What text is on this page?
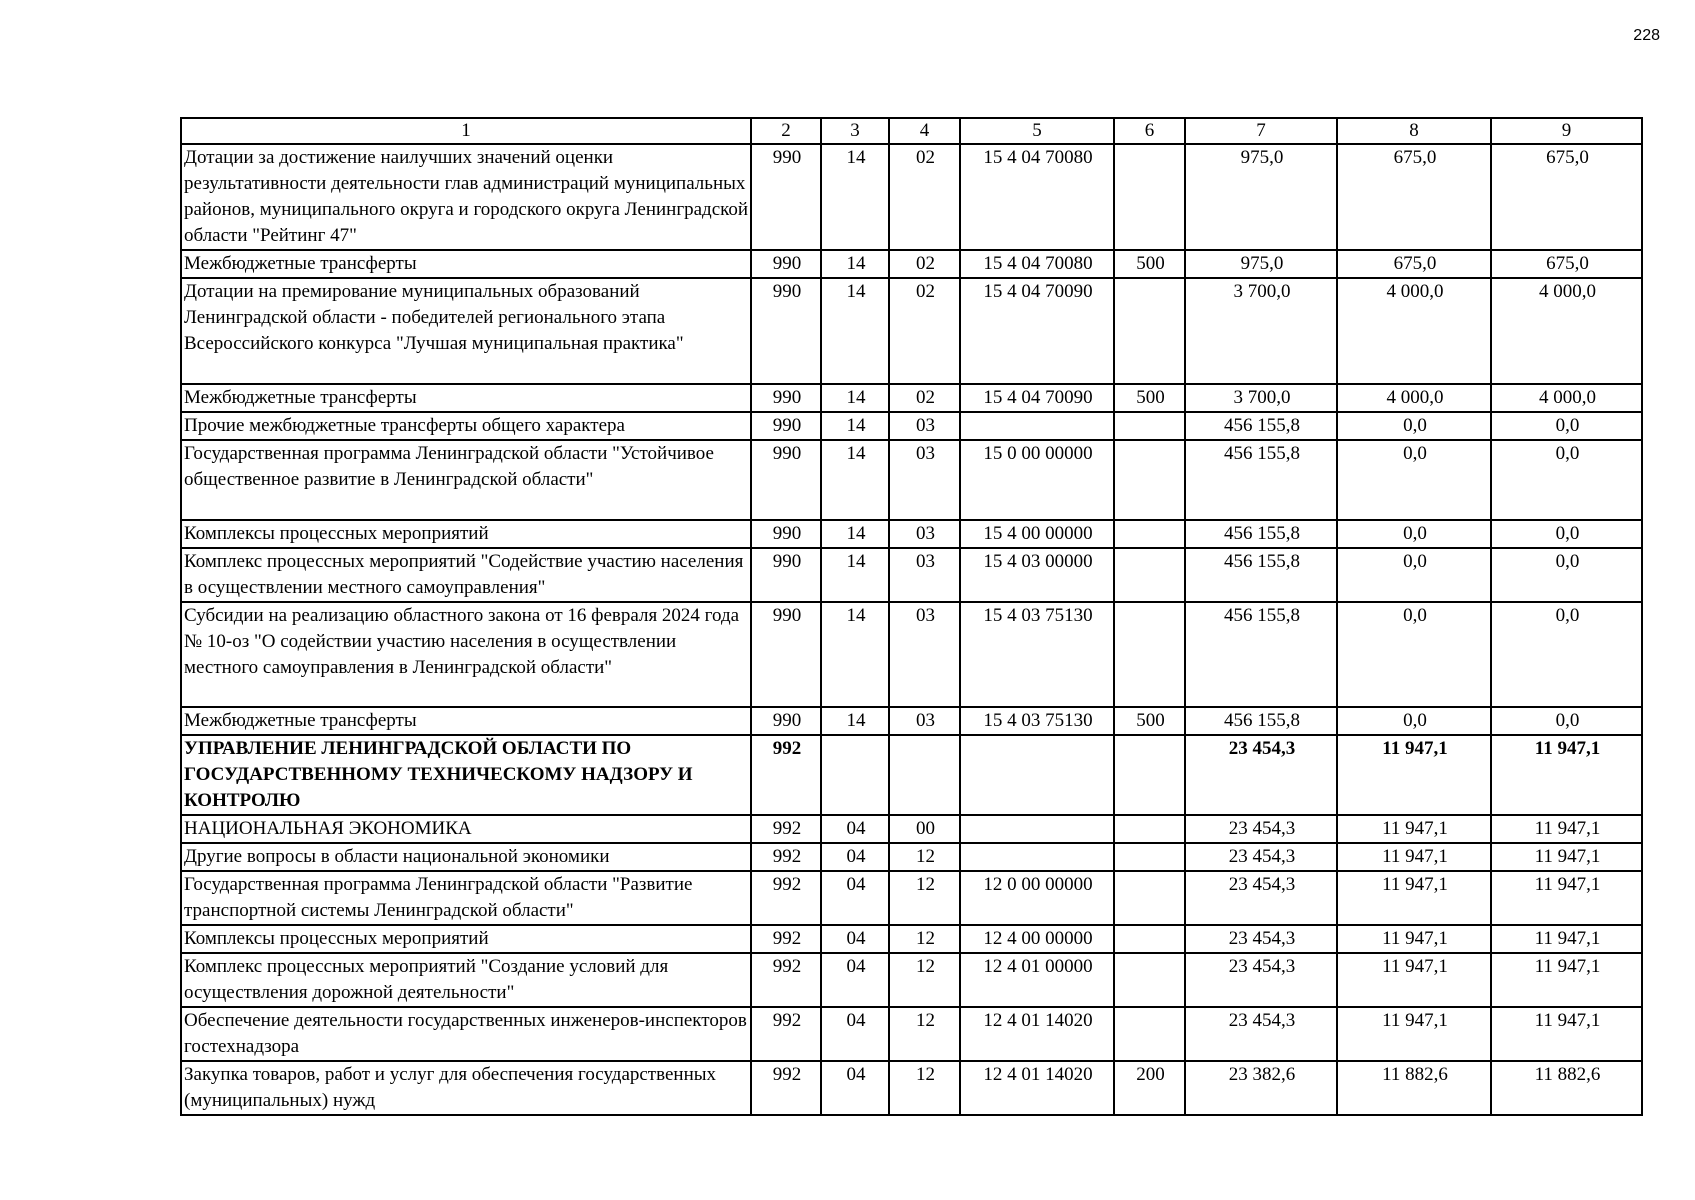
228
1	2	3	4	5	6	7	8	9
Дотации за достижение наилучших значений оценки результативности деятельности глав администраций муниципальных районов, муниципального округа и городского округа Ленинградской области "Рейтинг 47"	990	14	02	15 4 04 70080		975,0	675,0	675,0
Межбюджетные трансферты	990	14	02	15 4 04 70080	500	975,0	675,0	675,0
Дотации на премирование муниципальных образований Ленинградской области - победителей регионального этапа Всероссийского конкурса "Лучшая муниципальная практика"	990	14	02	15 4 04 70090		3 700,0	4 000,0	4 000,0
Межбюджетные трансферты	990	14	02	15 4 04 70090	500	3 700,0	4 000,0	4 000,0
Прочие межбюджетные трансферты общего характера	990	14	03			456 155,8	0,0	0,0
Государственная программа Ленинградской области "Устойчивое общественное развитие в Ленинградской области"	990	14	03	15 0 00 00000		456 155,8	0,0	0,0
Комплексы процессных мероприятий	990	14	03	15 4 00 00000		456 155,8	0,0	0,0
Комплекс процессных мероприятий "Содействие участию населения в осуществлении местного самоуправления"	990	14	03	15 4 03 00000		456 155,8	0,0	0,0
Субсидии на реализацию областного закона от 16 февраля 2024 года № 10-оз "О содействии участию населения в осуществлении местного самоуправления в Ленинградской области"	990	14	03	15 4 03 75130		456 155,8	0,0	0,0
Межбюджетные трансферты	990	14	03	15 4 03 75130	500	456 155,8	0,0	0,0
УПРАВЛЕНИЕ ЛЕНИНГРАДСКОЙ ОБЛАСТИ ПО ГОСУДАРСТВЕННОМУ ТЕХНИЧЕСКОМУ НАДЗОРУ И КОНТРОЛЮ	992					23 454,3	11 947,1	11 947,1
НАЦИОНАЛЬНАЯ ЭКОНОМИКА	992	04	00			23 454,3	11 947,1	11 947,1
Другие вопросы в области национальной экономики	992	04	12			23 454,3	11 947,1	11 947,1
Государственная программа Ленинградской области "Развитие транспортной системы Ленинградской области"	992	04	12	12 0 00 00000		23 454,3	11 947,1	11 947,1
Комплексы процессных мероприятий	992	04	12	12 4 00 00000		23 454,3	11 947,1	11 947,1
Комплекс процессных мероприятий "Создание условий для осуществления дорожной деятельности"	992	04	12	12 4 01 00000		23 454,3	11 947,1	11 947,1
Обеспечение деятельности государственных инженеров-инспекторов гостехнадзора	992	04	12	12 4 01 14020		23 454,3	11 947,1	11 947,1
Закупка товаров, работ и услуг для обеспечения государственных (муниципальных) нужд	992	04	12	12 4 01 14020	200	23 382,6	11 882,6	11 882,6
